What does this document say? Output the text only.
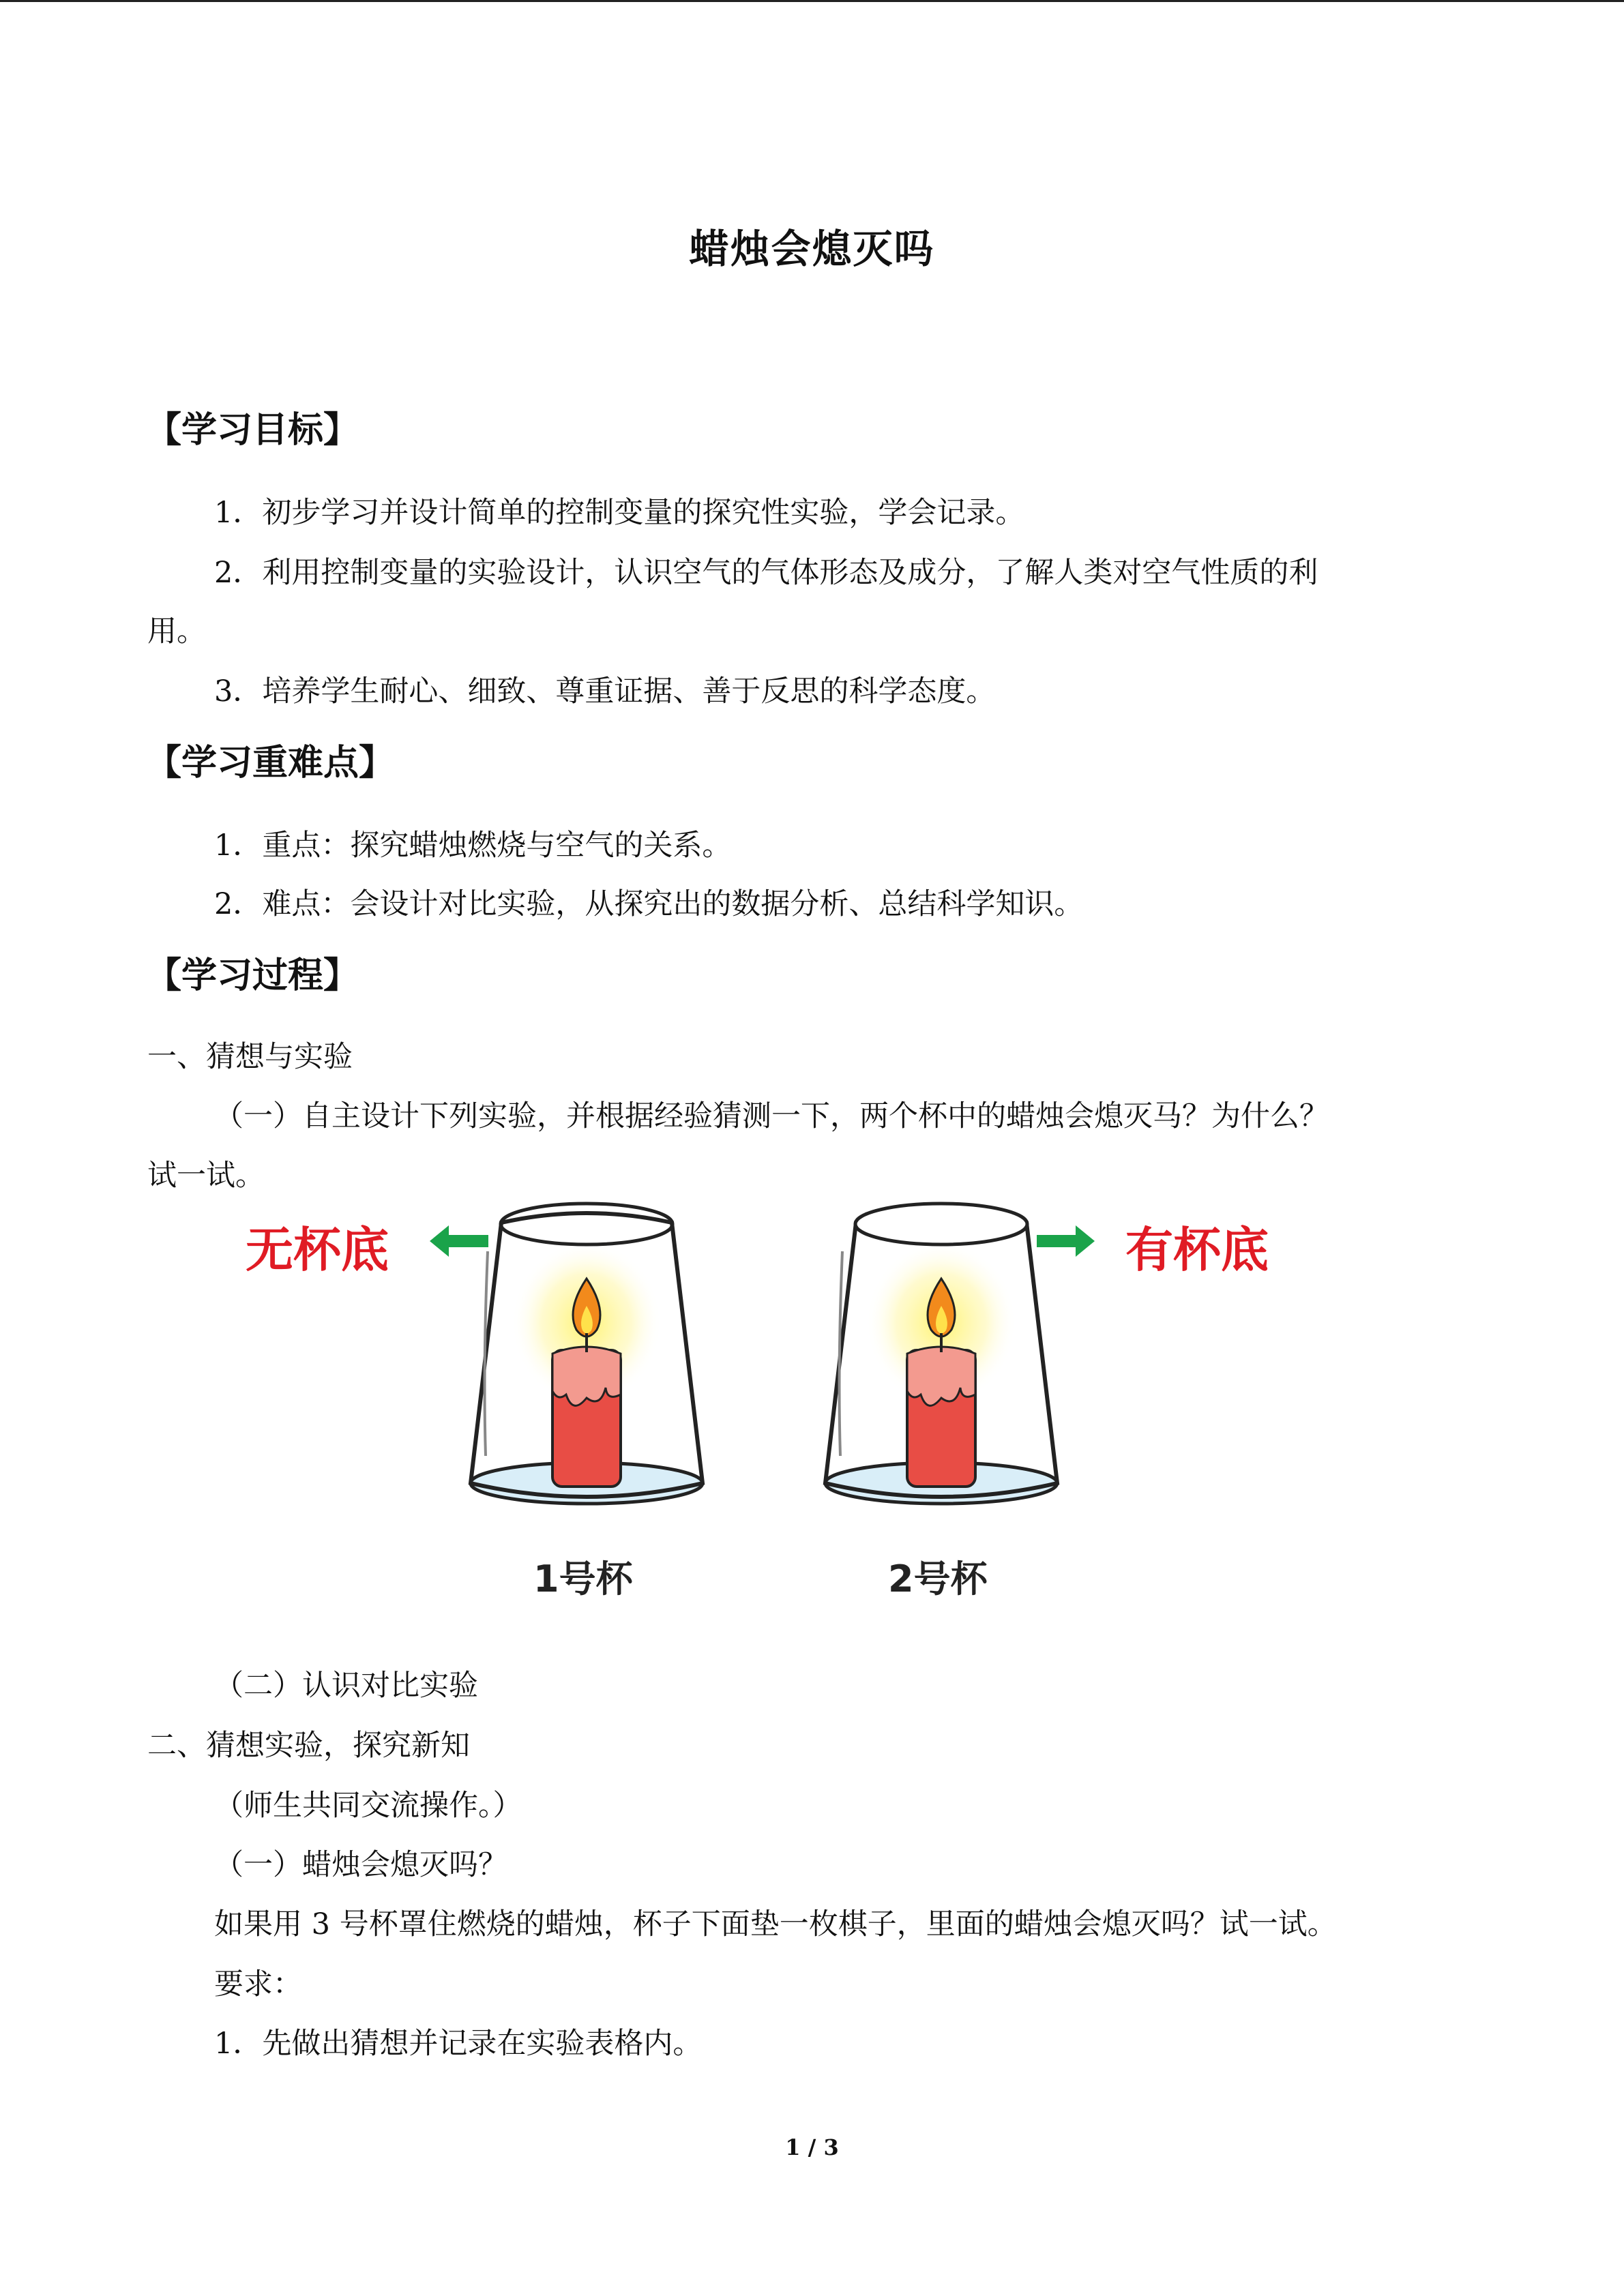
蜡烛会熄灭吗
【学习目标】
1．初步学习并设计简单的控制变量的探究性实验，学会记录。
2．利用控制变量的实验设计，认识空气的气体形态及成分，了解人类对空气性质的利
用。
3．培养学生耐心、细致、尊重证据、善于反思的科学态度。
【学习重难点】
1．重点：探究蜡烛燃烧与空气的关系。
2．难点：会设计对比实验，从探究出的数据分析、总结科学知识。
【学习过程】
一、猜想与实验
（一）自主设计下列实验，并根据经验猜测一下，两个杯中的蜡烛会熄灭马？为什么？
试一试。
无杯底	有杯底
1号杯	2号杯
（二）认识对比实验
二、猜想实验，探究新知
（师生共同交流操作。）
（一）蜡烛会熄灭吗？
如果用 3 号杯罩住燃烧的蜡烛，杯子下面垫一枚棋子，里面的蜡烛会熄灭吗？试一试。
要求：
1．先做出猜想并记录在实验表格内。
1 / 3
